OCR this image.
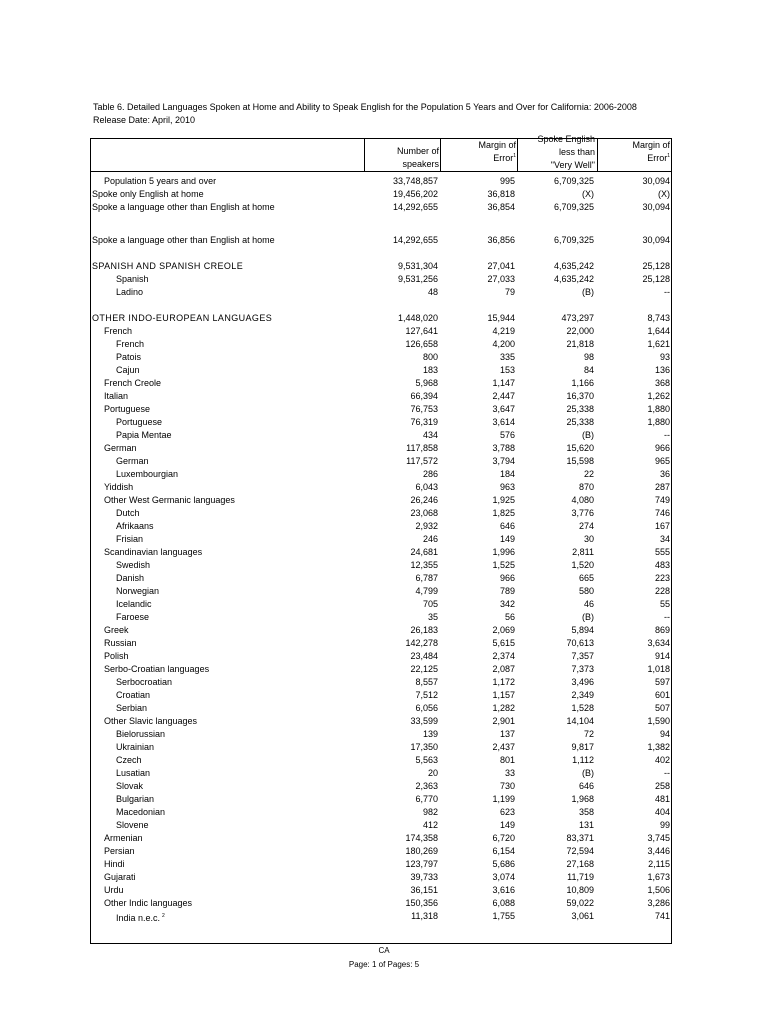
Table 6. Detailed Languages Spoken at Home and Ability to Speak English for the Population 5 Years and Over for California: 2006-2008
Release Date: April, 2010
Number of
speakers
Margin of
Error$^1$
Spoke English
less than
"Very Well"
Margin of
Error$^1$
Population 5 years and over	33,748,857	995	6,709,325	30,094
Spoke only English at home	19,456,202	36,818	(X)	(X)
Spoke a language other than English at home	14,292,655	36,854	6,709,325	30,094
Spoke a language other than English at home	14,292,655	36,856	6,709,325	30,094
SPANISH AND SPANISH CREOLE	9,531,304	27,041	4,635,242	25,128
Spanish	9,531,256	27,033	4,635,242	25,128
Ladino	48	79	(B)	--
OTHER INDO-EUROPEAN LANGUAGES	1,448,020	15,944	473,297	8,743
French	127,641	4,219	22,000	1,644
French	126,658	4,200	21,818	1,621
Patois	800	335	98	93
Cajun	183	153	84	136
French Creole	5,968	1,147	1,166	368
Italian	66,394	2,447	16,370	1,262
Portuguese	76,753	3,647	25,338	1,880
Portuguese	76,319	3,614	25,338	1,880
Papia Mentae	434	576	(B)	--
German	117,858	3,788	15,620	966
German	117,572	3,794	15,598	965
Luxembourgian	286	184	22	36
Yiddish	6,043	963	870	287
Other West Germanic languages	26,246	1,925	4,080	749
Dutch	23,068	1,825	3,776	746
Afrikaans	2,932	646	274	167
Frisian	246	149	30	34
Scandinavian languages	24,681	1,996	2,811	555
Swedish	12,355	1,525	1,520	483
Danish	6,787	966	665	223
Norwegian	4,799	789	580	228
Icelandic	705	342	46	55
Faroese	35	56	(B)	--
Greek	26,183	2,069	5,894	869
Russian	142,278	5,615	70,613	3,634
Polish	23,484	2,374	7,357	914
Serbo-Croatian languages	22,125	2,087	7,373	1,018
Serbocroatian	8,557	1,172	3,496	597
Croatian	7,512	1,157	2,349	601
Serbian	6,056	1,282	1,528	507
Other Slavic languages	33,599	2,901	14,104	1,590
Bielorussian	139	137	72	94
Ukrainian	17,350	2,437	9,817	1,382
Czech	5,563	801	1,112	402
Lusatian	20	33	(B)	--
Slovak	2,363	730	646	258
Bulgarian	6,770	1,199	1,968	481
Macedonian	982	623	358	404
Slovene	412	149	131	99
Armenian	174,358	6,720	83,371	3,745
Persian	180,269	6,154	72,594	3,446
Hindi	123,797	5,686	27,168	2,115
Gujarati	39,733	3,074	11,719	1,673
Urdu	36,151	3,616	10,809	1,506
Other Indic languages	150,356	6,088	59,022	3,286
India n.e.c. $^2$	11,318	1,755	3,061	741
CA
Page: 1 of Pages: 5
